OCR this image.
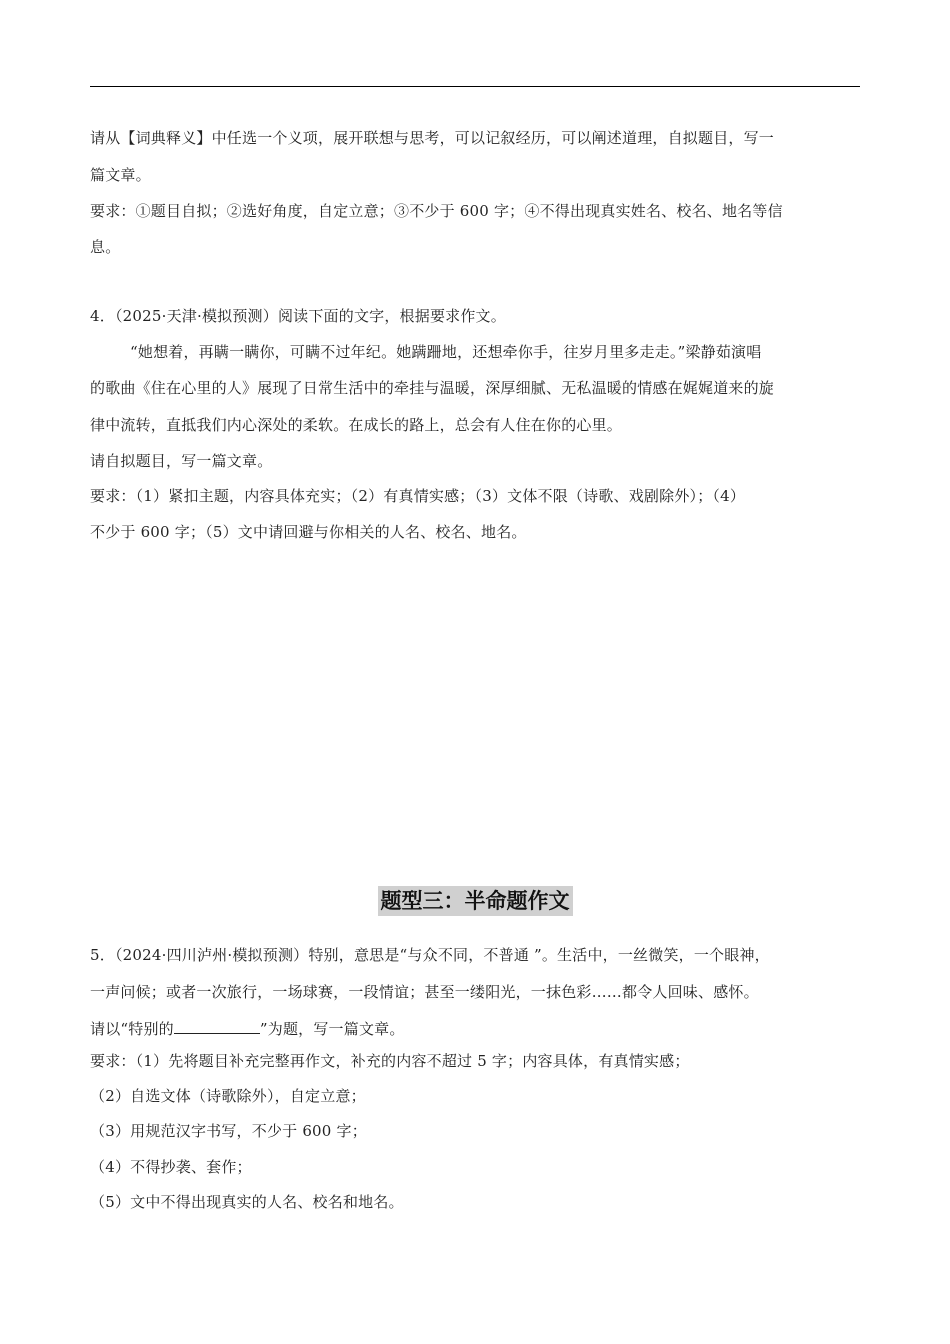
请从【词典释义】中任选一个义项，展开联想与思考，可以记叙经历，可以阐述道理，自拟题目，写一
篇文章。
要求：①题目自拟；②选好角度，自定立意；③不少于 600 字；④不得出现真实姓名、校名、地名等信
息。
4．（2025·天津·模拟预测）阅读下面的文字，根据要求作文。
“她想着，再瞒一瞒你，可瞒不过年纪。她蹒跚地，还想牵你手，往岁月里多走走。”梁静茹演唱
的歌曲《住在心里的人》展现了日常生活中的牵挂与温暖，深厚细腻、无私温暖的情感在娓娓道来的旋
律中流转，直抵我们内心深处的柔软。在成长的路上，总会有人住在你的心里。
请自拟题目，写一篇文章。
要求：（1）紧扣主题，内容具体充实；（2）有真情实感；（3）文体不限（诗歌、戏剧除外）；（4）
不少于 600 字；（5）文中请回避与你相关的人名、校名、地名。
题型三：半命题作文
5．（2024·四川泸州·模拟预测）特别，意思是“与众不同，不普通 ”。生活中，一丝微笑，一个眼神，
一声问候；或者一次旅行，一场球赛，一段情谊；甚至一缕阳光，一抹色彩……都令人回味、感怀。
请以“特别的	”为题，写一篇文章。
要求：（1）先将题目补充完整再作文，补充的内容不超过 5 字；内容具体，有真情实感；
（2）自选文体（诗歌除外），自定立意；
（3）用规范汉字书写，不少于 600 字；
（4）不得抄袭、套作；
（5）文中不得出现真实的人名、校名和地名。
